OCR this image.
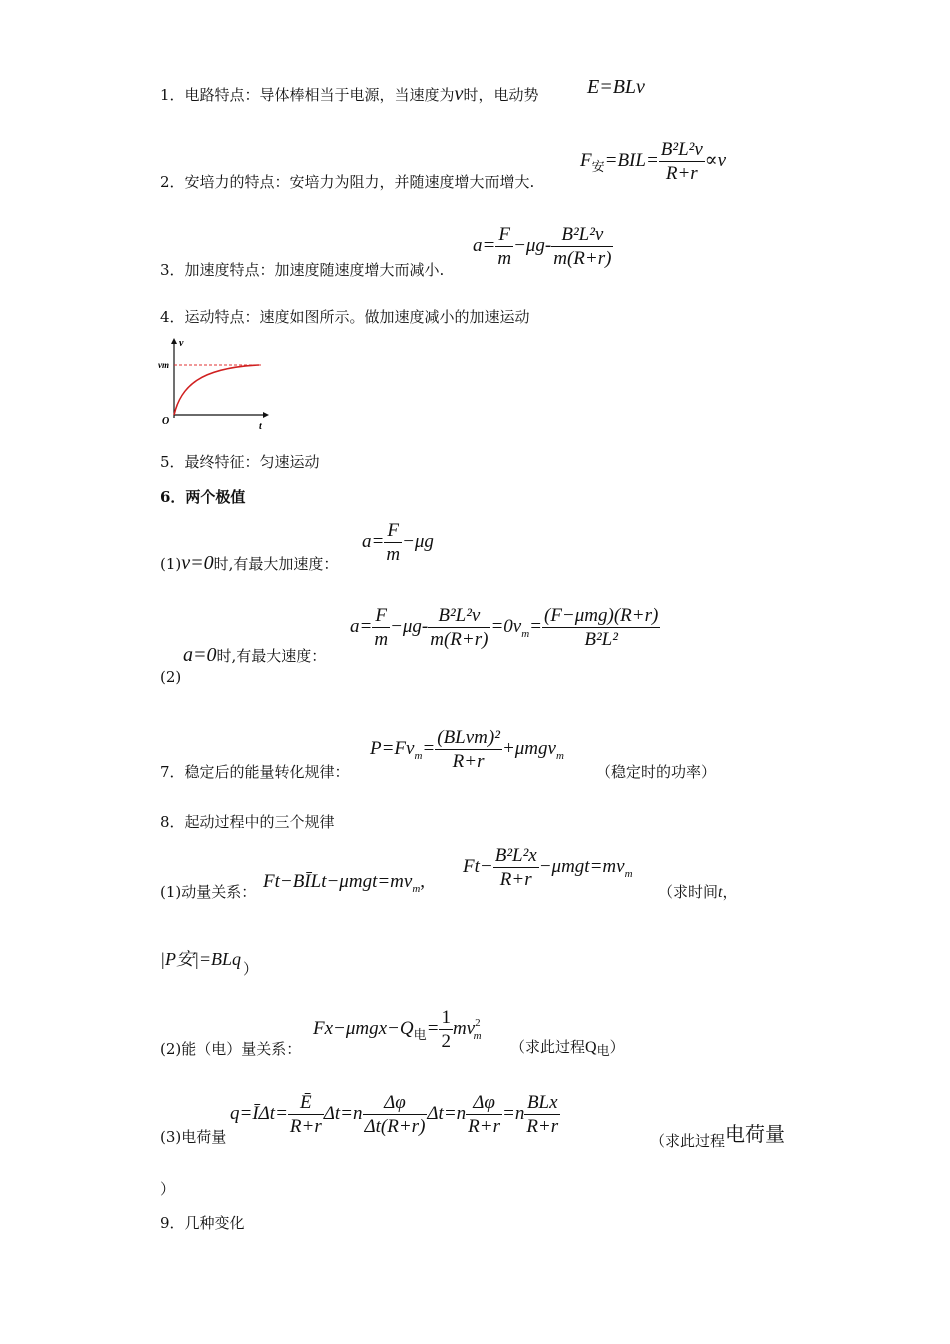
1．电路特点：导体棒相当于电源，当速度为v时，电动势 E=BLv
2．安培力的特点：安培力为阻力，并随速度增大而增大.
$F_安=BIL= \frac{\text{B²L²v}}{R+r} \propto v$
3．加速度特点：加速度随速度增大而减小.
$a= \frac{F}{m} -\mu g- \frac{\text{B²L²v}}{m(R+r)}$
4．运动特点：速度如图所示。做加速度减小的加速运动
v
vm
O	t
5．最终特征：匀速运动
6．两个极值
(1)v=0时,有最大加速度：
$a= \frac{F}{m} -\mu g$
a=0时,有最大速度：
(2)
$a= \frac{F}{m} -\mu g- \frac{\text{B²L²v}}{m(R+r)} =0v_m= \frac{\text{(F−μmg)(R+r)}}{\text{B²L²}}$
7．稳定后的能量转化规律：
$P=Fv_m= \frac{\text{(BLvm)²}}{R+r} +\mu mgv_m$
（稳定时的功率）
8．起动过程中的三个规律
(1)动量关系： $Ft-BĪLt-\mu mgt=mv_m$,
$Ft- \frac{\text{B²L²x}}{R+r} -\mu mgt=mv_m$
（求时间t，
|P安|=BLq ）
(2)能（电）量关系：
$Fx-\mu mgx-Q_电= \frac{1}{2} mv^2_m$
（求此过程Q电）
(3)电荷量
q=ĪΔt= $\frac{Ē}{R+r} \Delta t=n \frac{\Delta\varphi}{\Delta t(R+r)} \Delta t=n \frac{\Delta\varphi}{R+r} =n \frac{\text{BLx}}{R+r}$
（求此过程电荷量
）
9．几种变化
